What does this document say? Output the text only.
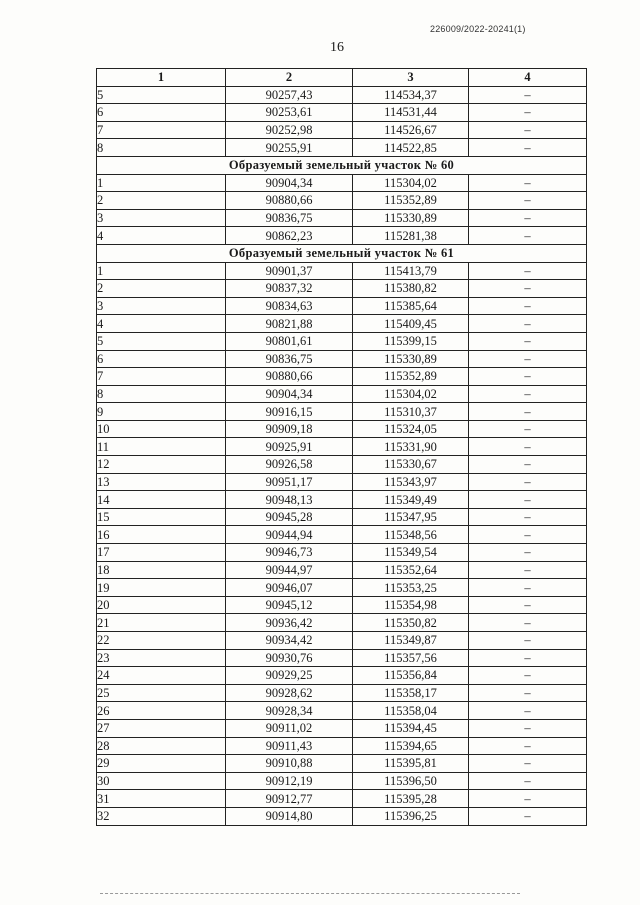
226009/2022-20241(1)
16
1	2	3	4
5	90257,43	114534,37	–
6	90253,61	114531,44	–
7	90252,98	114526,67	–
8	90255,91	114522,85	–
Образуемый земельный участок № 60			
1	90904,34	115304,02	–
2	90880,66	115352,89	–
3	90836,75	115330,89	–
4	90862,23	115281,38	–
Образуемый земельный участок № 61			
1	90901,37	115413,79	–
2	90837,32	115380,82	–
3	90834,63	115385,64	–
4	90821,88	115409,45	–
5	90801,61	115399,15	–
6	90836,75	115330,89	–
7	90880,66	115352,89	–
8	90904,34	115304,02	–
9	90916,15	115310,37	–
10	90909,18	115324,05	–
11	90925,91	115331,90	–
12	90926,58	115330,67	–
13	90951,17	115343,97	–
14	90948,13	115349,49	–
15	90945,28	115347,95	–
16	90944,94	115348,56	–
17	90946,73	115349,54	–
18	90944,97	115352,64	–
19	90946,07	115353,25	–
20	90945,12	115354,98	–
21	90936,42	115350,82	–
22	90934,42	115349,87	–
23	90930,76	115357,56	–
24	90929,25	115356,84	–
25	90928,62	115358,17	–
26	90928,34	115358,04	–
27	90911,02	115394,45	–
28	90911,43	115394,65	–
29	90910,88	115395,81	–
30	90912,19	115396,50	–
31	90912,77	115395,28	–
32	90914,80	115396,25	–
